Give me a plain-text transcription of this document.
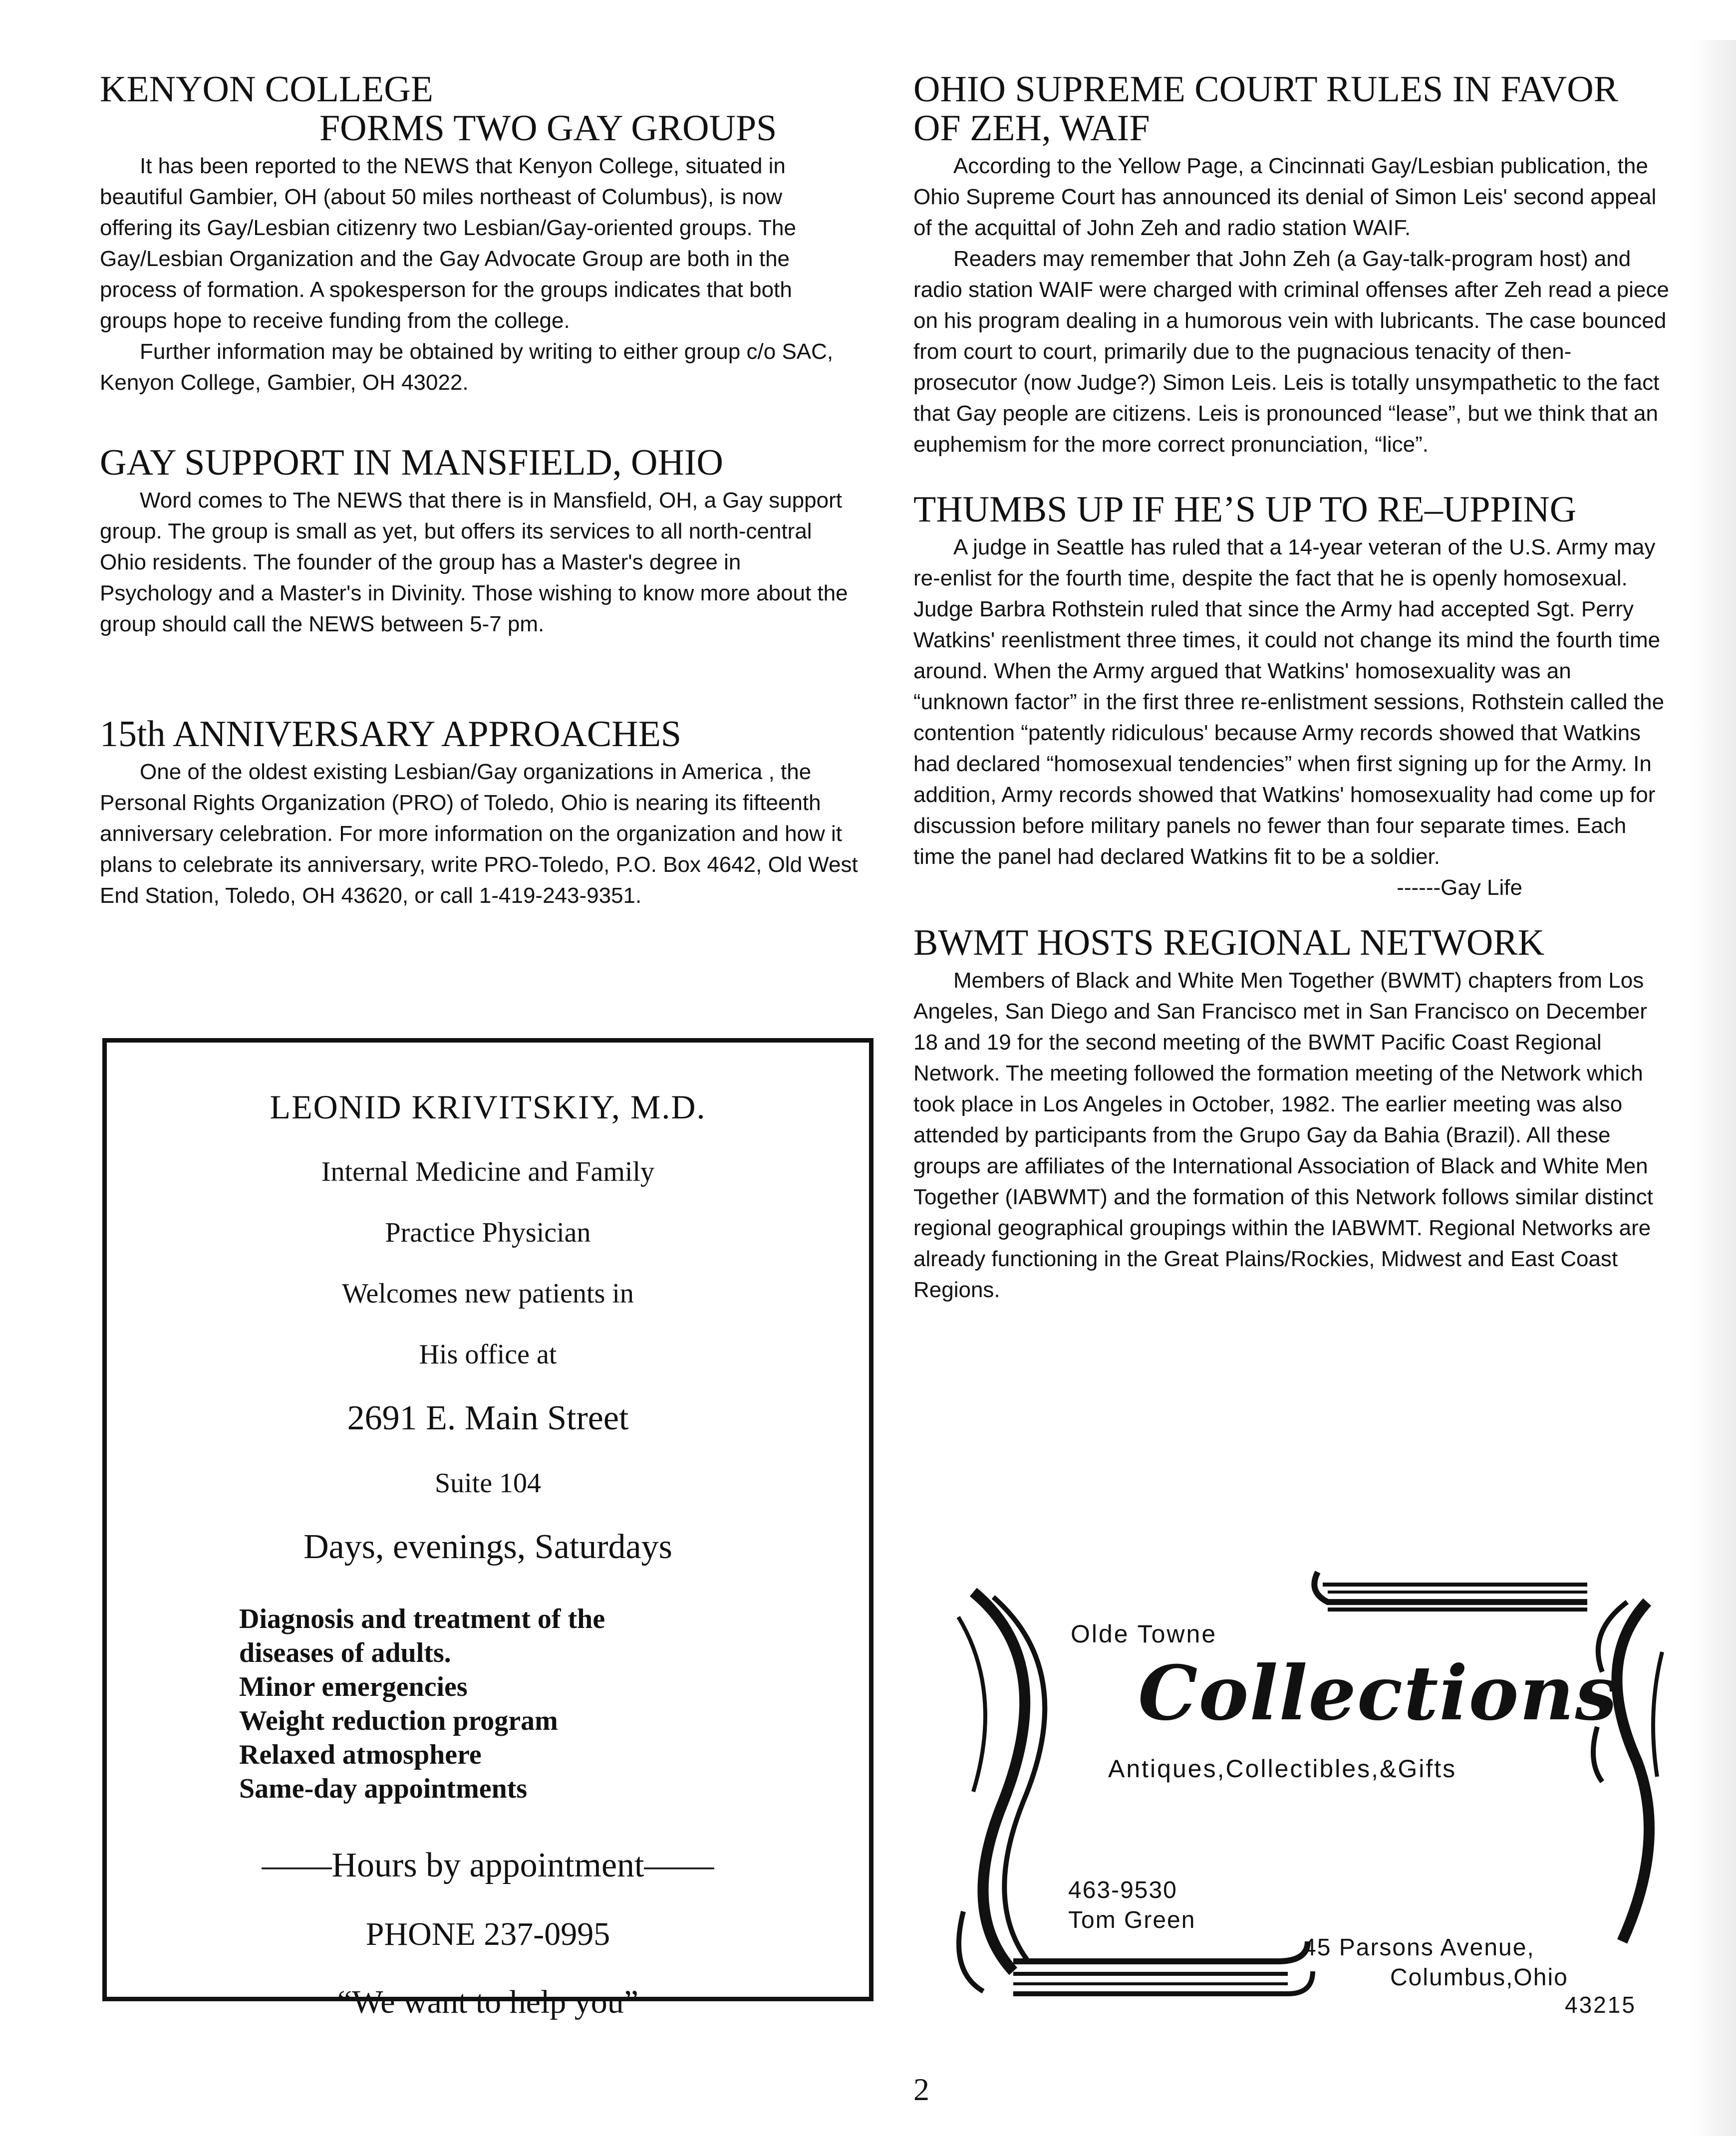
KENYON COLLEGE
FORMS TWO GAY GROUPS

It has been reported to the NEWS that Kenyon College, situated in beautiful Gambier, OH (about 50 miles northeast of Columbus), is now offering its Gay/Lesbian citizenry two Lesbian/Gay-oriented groups. The Gay/Lesbian Organization and the Gay Advocate Group are both in the process of formation. A spokesperson for the groups indicates that both groups hope to receive funding from the college.

Further information may be obtained by writing to either group c/o SAC, Kenyon College, Gambier, OH 43022.

GAY SUPPORT IN MANSFIELD, OHIO

Word comes to The NEWS that there is in Mansfield, OH, a Gay support group. The group is small as yet, but offers its services to all north-central Ohio residents. The founder of the group has a Master's degree in Psychology and a Master's in Divinity. Those wishing to know more about the group should call the NEWS between 5-7 pm.

15th ANNIVERSARY APPROACHES

One of the oldest existing Lesbian/Gay organizations in America , the Personal Rights Organization (PRO) of Toledo, Ohio is nearing its fifteenth anniversary celebration. For more information on the organization and how it plans to celebrate its anniversary, write PRO-Toledo, P.O. Box 4642, Old West End Station, Toledo, OH 43620, or call 1-419-243-9351.

OHIO SUPREME COURT RULES IN FAVOR
OF ZEH, WAIF

According to the Yellow Page, a Cincinnati Gay/Lesbian publication, the Ohio Supreme Court has announced its denial of Simon Leis' second appeal of the acquittal of John Zeh and radio station WAIF.

Readers may remember that John Zeh (a Gay-talk-program host) and radio station WAIF were charged with criminal offenses after Zeh read a piece on his program dealing in a humorous vein with lubricants. The case bounced from court to court, primarily due to the pugnacious tenacity of then-prosecutor (now Judge?) Simon Leis. Leis is totally unsympathetic to the fact that Gay people are citizens. Leis is pronounced “lease”, but we think that an euphemism for the more correct pronunciation, “lice”.

THUMBS UP IF HE’S UP TO RE–UPPING

A judge in Seattle has ruled that a 14-year veteran of the U.S. Army may re-enlist for the fourth time, despite the fact that he is openly homosexual. Judge Barbra Rothstein ruled that since the Army had accepted Sgt. Perry Watkins' reenlistment three times, it could not change its mind the fourth time around. When the Army argued that Watkins' homosexuality was an “unknown factor” in the first three re-enlistment sessions, Rothstein called the contention “patently ridiculous' because Army records showed that Watkins had declared “homosexual tendencies” when first signing up for the Army. In addition, Army records showed that Watkins' homosexuality had come up for discussion before military panels no fewer than four separate times. Each time the panel had declared Watkins fit to be a soldier.

------Gay Life
BWMT HOSTS REGIONAL NETWORK

Members of Black and White Men Together (BWMT) chapters from Los Angeles, San Diego and San Francisco met in San Francisco on December 18 and 19 for the second meeting of the BWMT Pacific Coast Regional Network. The meeting followed the formation meeting of the Network which took place in Los Angeles in October, 1982. The earlier meeting was also attended by participants from the Grupo Gay da Bahia (Brazil). All these groups are affiliates of the International Association of Black and White Men Together (IABWMT) and the formation of this Network follows similar distinct regional geographical groupings within the IABWMT. Regional Networks are already functioning in the Great Plains/Rockies, Midwest and East Coast Regions.

LEONID KRIVITSKIY, M.D.
Internal Medicine and Family
Practice Physician
Welcomes new patients in
His office at
2691 E. Main Street
Suite 104
Days, evenings, Saturdays
Diagnosis and treatment of the
diseases of adults.
Minor emergencies
Weight reduction program
Relaxed atmosphere
Same-day appointments
——Hours by appointment——
PHONE 237-0995
“We want to help you”
Olde Towne
Collections
Antiques,Collectibles,&Gifts
463-9530
Tom Green
45 Parsons Avenue,
Columbus,Ohio
43215
2
